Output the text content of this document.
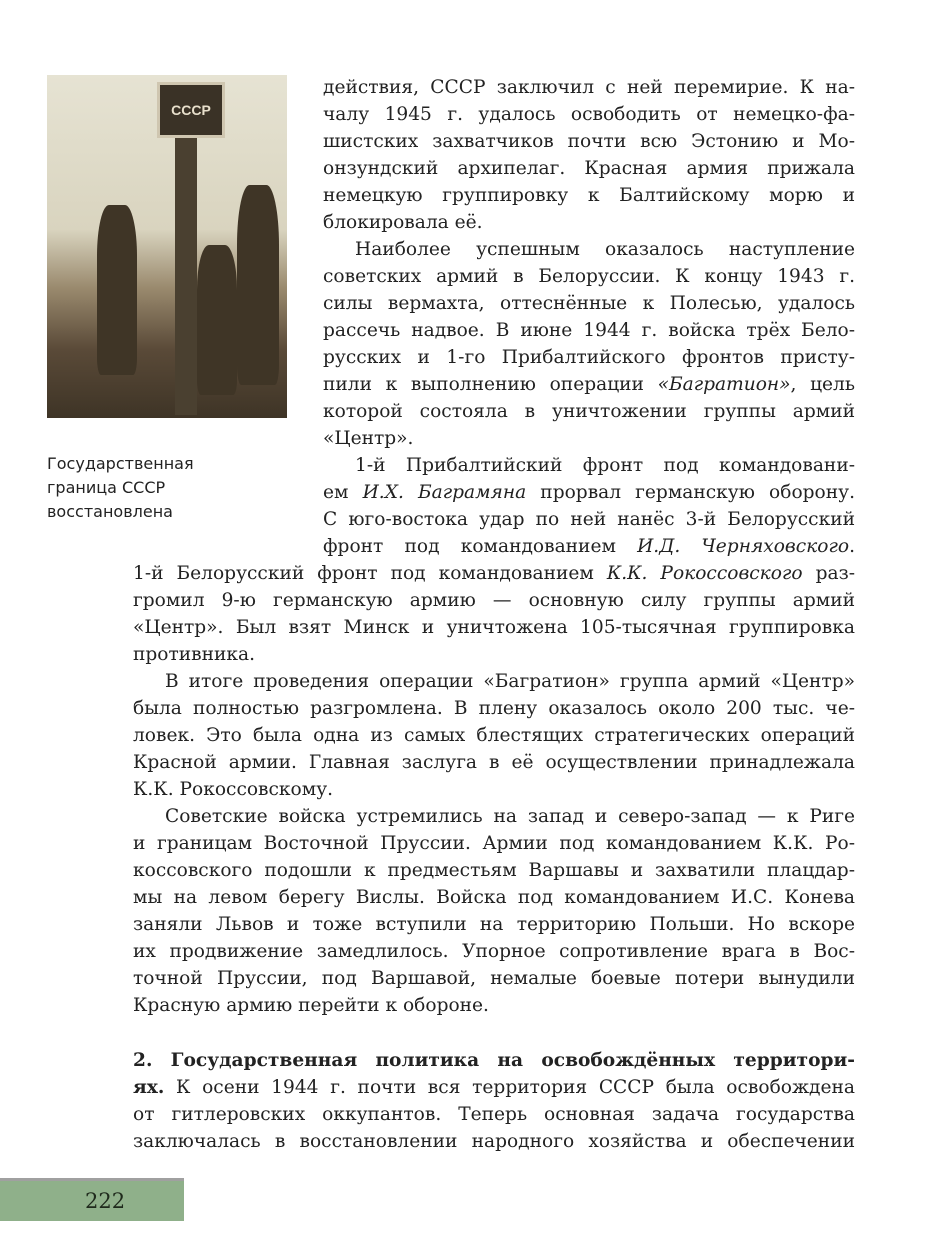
СССР
Государственная
граница СССР
восстановлена
действия, СССР заключил с ней перемирие. К на-
чалу 1945 г. удалось освободить от немецко-фа-
шистских захватчиков почти всю Эстонию и Мо-
онзундский архипелаг. Красная армия прижала
немецкую группировку к Балтийскому морю и
блокировала её.
Наиболее успешным оказалось наступление
советских армий в Белоруссии. К концу 1943 г.
силы вермахта, оттеснённые к Полесью, удалось
рассечь надвое. В июне 1944 г. войска трёх Бело-
русских и 1-го Прибалтийского фронтов присту-
пили к выполнению операции «Багратион», цель
которой состояла в уничтожении группы армий
«Центр».
1-й Прибалтийский фронт под командовани-
ем И.Х. Баграмяна прорвал германскую оборону.
С юго-востока удар по ней нанёс 3-й Белорусский
фронт под командованием И.Д. Черняховского.
1-й Белорусский фронт под командованием К.К. Рокоссовского раз-
громил 9-ю германскую армию — основную силу группы армий
«Центр». Был взят Минск и уничтожена 105-тысячная группировка
противника.
В итоге проведения операции «Багратион» группа армий «Центр»
была полностью разгромлена. В плену оказалось около 200 тыс. че-
ловек. Это была одна из самых блестящих стратегических операций
Красной армии. Главная заслуга в её осуществлении принадлежала
К.К. Рокоссовскому.
Советские войска устремились на запад и северо-запад — к Риге
и границам Восточной Пруссии. Армии под командованием К.К. Ро-
коссовского подошли к предместьям Варшавы и захватили плацдар-
мы на левом берегу Вислы. Войска под командованием И.С. Конева
заняли Львов и тоже вступили на территорию Польши. Но вскоре
их продвижение замедлилось. Упорное сопротивление врага в Вос-
точной Пруссии, под Варшавой, немалые боевые потери вынудили
Красную армию перейти к обороне.
2. Государственная политика на освобождённых территори-
ях. К осени 1944 г. почти вся территория СССР была освобождена
от гитлеровских оккупантов. Теперь основная задача государства
заключалась в восстановлении народного хозяйства и обеспечении
222
